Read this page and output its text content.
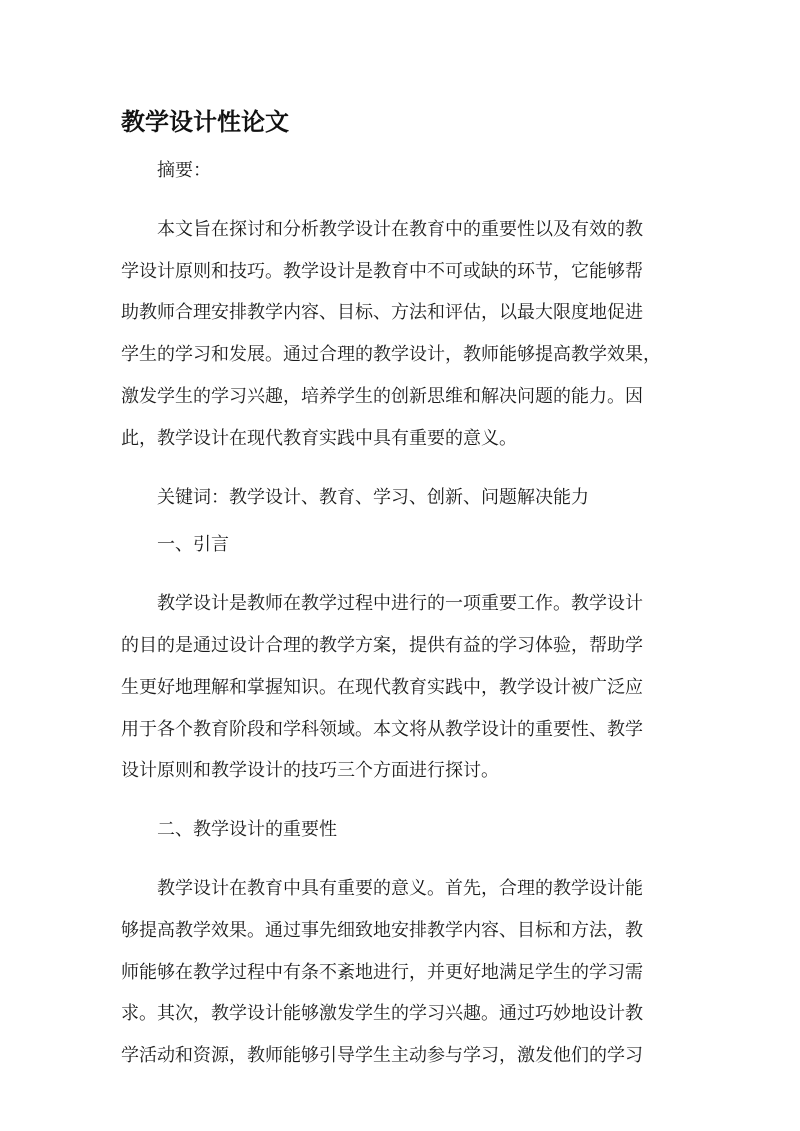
教学设计性论文

摘要：

本文旨在探讨和分析教学设计在教育中的重要性以及有效的教
学设计原则和技巧。教学设计是教育中不可或缺的环节，它能够帮
助教师合理安排教学内容、目标、方法和评估，以最大限度地促进
学生的学习和发展。通过合理的教学设计，教师能够提高教学效果，
激发学生的学习兴趣，培养学生的创新思维和解决问题的能力。因
此，教学设计在现代教育实践中具有重要的意义。

关键词：教学设计、教育、学习、创新、问题解决能力

一、引言

教学设计是教师在教学过程中进行的一项重要工作。教学设计
的目的是通过设计合理的教学方案，提供有益的学习体验，帮助学
生更好地理解和掌握知识。在现代教育实践中，教学设计被广泛应
用于各个教育阶段和学科领域。本文将从教学设计的重要性、教学
设计原则和教学设计的技巧三个方面进行探讨。

二、教学设计的重要性

教学设计在教育中具有重要的意义。首先，合理的教学设计能
够提高教学效果。通过事先细致地安排教学内容、目标和方法，教
师能够在教学过程中有条不紊地进行，并更好地满足学生的学习需
求。其次，教学设计能够激发学生的学习兴趣。通过巧妙地设计教
学活动和资源，教师能够引导学生主动参与学习，激发他们的学习
